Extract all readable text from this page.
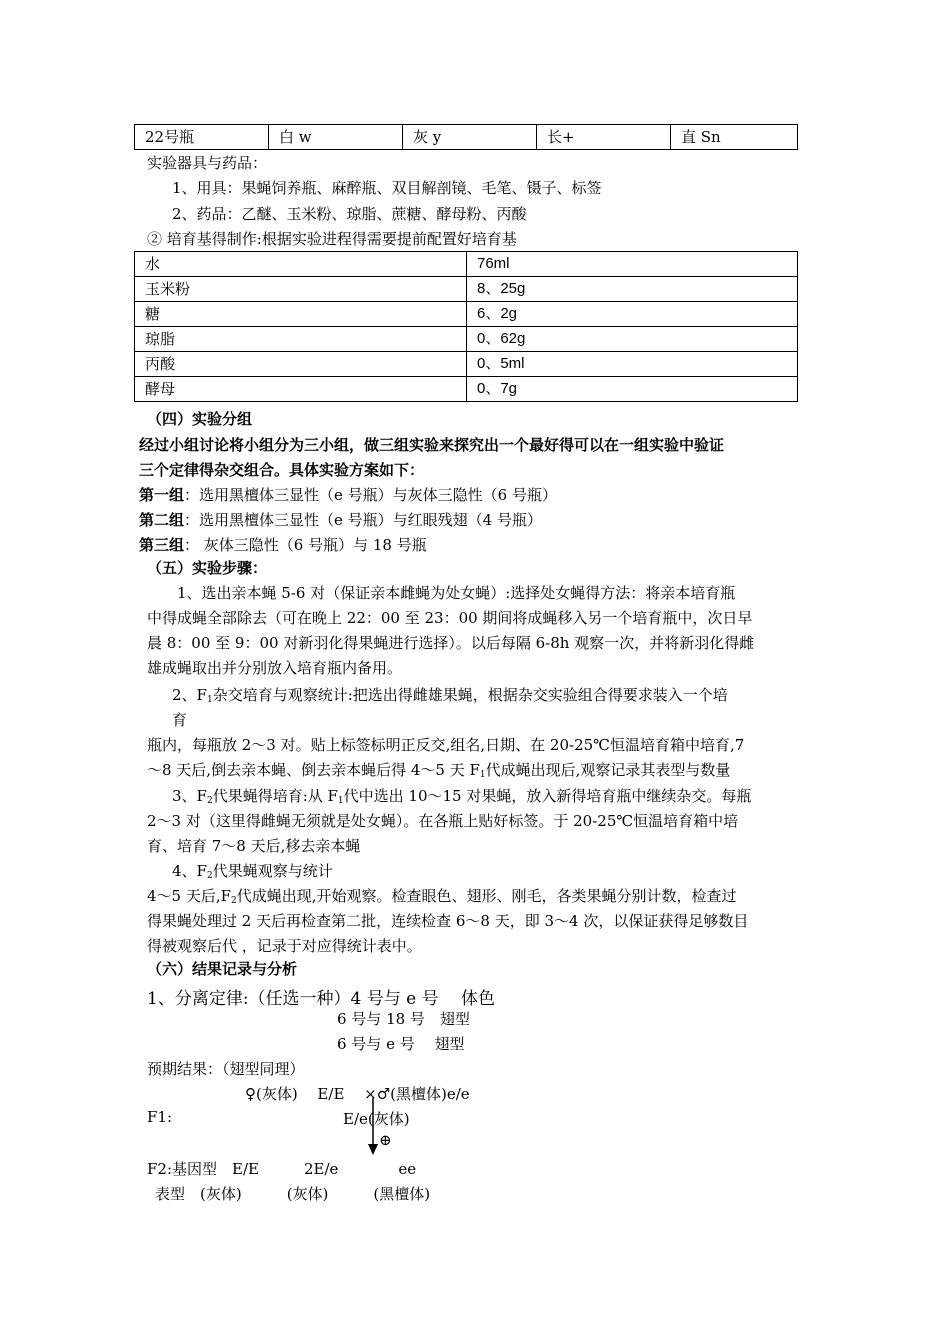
22号瓶	白 w	灰 y	长+	直 Sn
实验器具与药品：
1、用具：果蝇饲养瓶、麻醉瓶、双目解剖镜、毛笔、镊子、标签
2、药品：乙醚、玉米粉、琼脂、蔗糖、酵母粉、丙酸
② 培育基得制作:根据实验进程得需要提前配置好培育基
水	76ml
玉米粉	8、25g
糖	6、2g
琼脂	0、62g
丙酸	0、5ml
酵母	0、7g
（四）实验分组
经过小组讨论将小组分为三小组，做三组实验来探究出一个最好得可以在一组实验中验证
三个定律得杂交组合。具体实验方案如下：
第一组：选用黑檀体三显性（e 号瓶）与灰体三隐性（6 号瓶）
第二组：选用黑檀体三显性（e 号瓶）与红眼残翅（4 号瓶）
第三组： 灰体三隐性（6 号瓶）与 18 号瓶
（五）实验步骤：
1、选出亲本蝇 5-6 对（保证亲本雌蝇为处女蝇）:选择处女蝇得方法：将亲本培育瓶
中得成蝇全部除去（可在晚上 22：00 至 23：00 期间将成蝇移入另一个培育瓶中，次日早
晨 8：00 至 9：00 对新羽化得果蝇进行选择）。以后每隔 6-8h 观察一次，并将新羽化得雌
雄成蝇取出并分别放入培育瓶内备用。
2、$F_1$杂交培育与观察统计:把选出得雌雄果蝇，根据杂交实验组合得要求装入一个培
育
瓶内，每瓶放 2～3 对。贴上标签标明正反交,组名,日期、在 20-25℃恒温培育箱中培育,7
～8 天后,倒去亲本蝇、倒去亲本蝇后得 4～5 天 $F_1$代成蝇出现后,观察记录其表型与数量
3、$F_2$代果蝇得培育:从 $F_1$代中选出 10～15 对果蝇，放入新得培育瓶中继续杂交。每瓶
2～3 对（这里得雌蝇无须就是处女蝇）。在各瓶上贴好标签。于 20-25℃恒温培育箱中培
育、培育 7～8 天后,移去亲本蝇
4、$F_2$代果蝇观察与统计
4～5 天后$,F_2$代成蝇出现,开始观察。检查眼色、翅形、刚毛，各类果蝇分别计数，检查过
得果蝇处理过 2 天后再检查第二批，连续检查 6～8 天，即 3～4 次，以保证获得足够数目
得被观察后代 ，记录于对应得统计表中。
（六）结果记录与分析
1、分离定律:（任选一种）4 号与 e 号　 体色
6 号与 18 号　翅型
6 号与 e 号　 翅型
预期结果：（翅型同理）
♀(灰体)　 E/E　 ×♂(黑檀体)e/e
F1:	E/e(灰体)
⊕
F2:基因型　E/E　　　2E/e　　　　ee
表型　(灰体)　　　(灰体)　　　(黑檀体)
